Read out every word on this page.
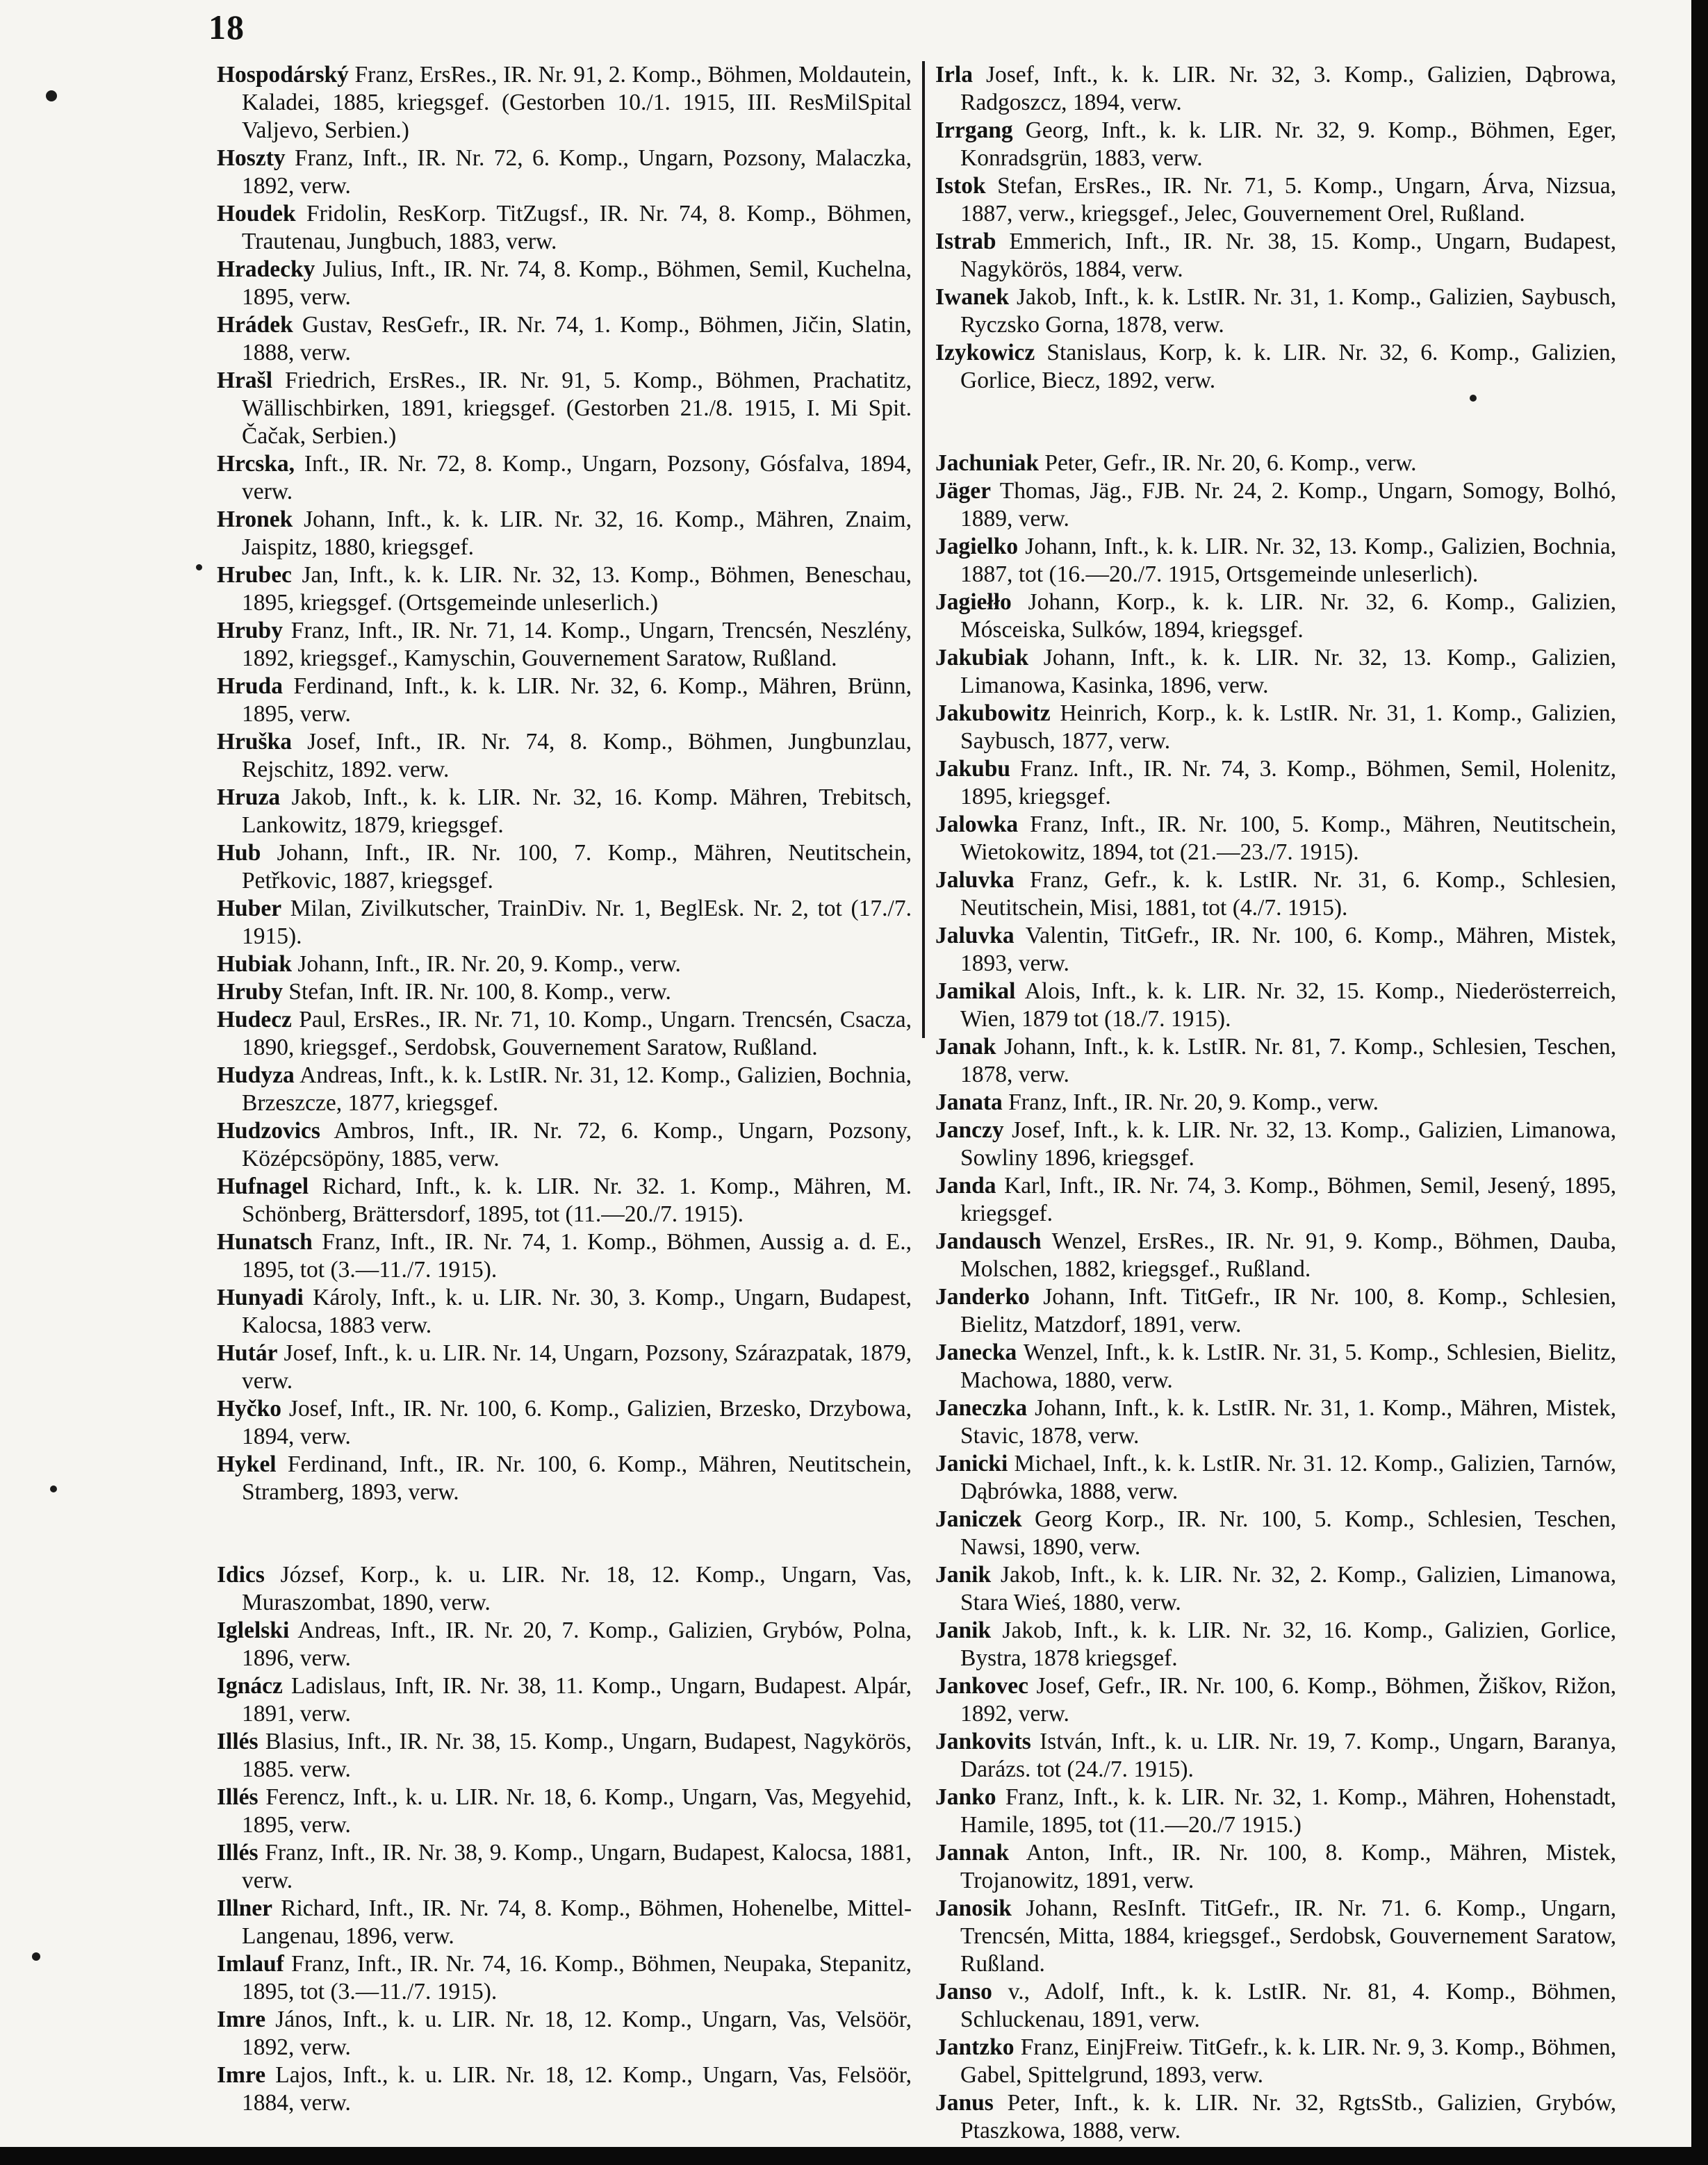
18
Hospodárský Franz, ErsRes., IR. Nr. 91, 2. Komp., Böhmen, Moldautein, Kaladei, 1885, kriegsgef. (Gestorben 10./1. 1915, III. ResMilSpital Valjevo, Serbien.)
Hoszty Franz, Inft., IR. Nr. 72, 6. Komp., Ungarn, Pozsony, Malaczka, 1892, verw.
Houdek Fridolin, ResKorp. TitZugsf., IR. Nr. 74, 8. Komp., Böhmen, Trautenau, Jungbuch, 1883, verw.
Hradecky Julius, Inft., IR. Nr. 74, 8. Komp., Böhmen, Semil, Kuchelna, 1895, verw.
Hrádek Gustav, ResGefr., IR. Nr. 74, 1. Komp., Böhmen, Jičin, Slatin, 1888, verw.
Hrašl Friedrich, ErsRes., IR. Nr. 91, 5. Komp., Böhmen, Prachatitz, Wällischbirken, 1891, kriegsgef. (Gestorben 21./8. 1915, I. Mi Spit. Čačak, Serbien.)
Hrcska, Inft., IR. Nr. 72, 8. Komp., Ungarn, Pozsony, Gósfalva, 1894, verw.
Hronek Johann, Inft., k. k. LIR. Nr. 32, 16. Komp., Mähren, Znaim, Jaispitz, 1880, kriegsgef.
Hrubec Jan, Inft., k. k. LIR. Nr. 32, 13. Komp., Böhmen, Beneschau, 1895, kriegsgef. (Ortsgemeinde unleserlich.)
Hruby Franz, Inft., IR. Nr. 71, 14. Komp., Ungarn, Trencsén, Neszlény, 1892, kriegsgef., Kamyschin, Gouvernement Saratow, Rußland.
Hruda Ferdinand, Inft., k. k. LIR. Nr. 32, 6. Komp., Mähren, Brünn, 1895, verw.
Hruška Josef, Inft., IR. Nr. 74, 8. Komp., Böhmen, Jungbunzlau, Rejschitz, 1892. verw.
Hruza Jakob, Inft., k. k. LIR. Nr. 32, 16. Komp. Mähren, Trebitsch, Lankowitz, 1879, kriegsgef.
Hub Johann, Inft., IR. Nr. 100, 7. Komp., Mähren, Neutitschein, Petřkovic, 1887, kriegsgef.
Huber Milan, Zivilkutscher, TrainDiv. Nr. 1, BeglEsk. Nr. 2, tot (17./7. 1915).
Hubiak Johann, Inft., IR. Nr. 20, 9. Komp., verw.
Hruby Stefan, Inft. IR. Nr. 100, 8. Komp., verw.
Hudecz Paul, ErsRes., IR. Nr. 71, 10. Komp., Ungarn. Trencsén, Csacza, 1890, kriegsgef., Serdobsk, Gouvernement Saratow, Rußland.
Hudyza Andreas, Inft., k. k. LstIR. Nr. 31, 12. Komp., Galizien, Bochnia, Brzeszcze, 1877, kriegsgef.
Hudzovics Ambros, Inft., IR. Nr. 72, 6. Komp., Ungarn, Pozsony, Középcsöpöny, 1885, verw.
Hufnagel Richard, Inft., k. k. LIR. Nr. 32. 1. Komp., Mähren, M. Schönberg, Brättersdorf, 1895, tot (11.—20./7. 1915).
Hunatsch Franz, Inft., IR. Nr. 74, 1. Komp., Böhmen, Aussig a. d. E., 1895, tot (3.—11./7. 1915).
Hunyadi Károly, Inft., k. u. LIR. Nr. 30, 3. Komp., Ungarn, Budapest, Kalocsa, 1883 verw.
Hutár Josef, Inft., k. u. LIR. Nr. 14, Ungarn, Pozsony, Szárazpatak, 1879, verw.
Hyčko Josef, Inft., IR. Nr. 100, 6. Komp., Galizien, Brzesko, Drzybowa, 1894, verw.
Hykel Ferdinand, Inft., IR. Nr. 100, 6. Komp., Mähren, Neutitschein, Stramberg, 1893, verw.
Idics József, Korp., k. u. LIR. Nr. 18, 12. Komp., Ungarn, Vas, Muraszombat, 1890, verw.
Iglelski Andreas, Inft., IR. Nr. 20, 7. Komp., Galizien, Grybów, Polna, 1896, verw.
Ignácz Ladislaus, Inft, IR. Nr. 38, 11. Komp., Ungarn, Budapest. Alpár, 1891, verw.
Illés Blasius, Inft., IR. Nr. 38, 15. Komp., Ungarn, Budapest, Nagykörös, 1885. verw.
Illés Ferencz, Inft., k. u. LIR. Nr. 18, 6. Komp., Ungarn, Vas, Megyehid, 1895, verw.
Illés Franz, Inft., IR. Nr. 38, 9. Komp., Ungarn, Budapest, Kalocsa, 1881, verw.
Illner Richard, Inft., IR. Nr. 74, 8. Komp., Böhmen, Hohenelbe, Mittel-Langenau, 1896, verw.
Imlauf Franz, Inft., IR. Nr. 74, 16. Komp., Böhmen, Neupaka, Stepanitz, 1895, tot (3.—11./7. 1915).
Imre János, Inft., k. u. LIR. Nr. 18, 12. Komp., Ungarn, Vas, Velsöör, 1892, verw.
Imre Lajos, Inft., k. u. LIR. Nr. 18, 12. Komp., Ungarn, Vas, Felsöör, 1884, verw.
Irla Josef, Inft., k. k. LIR. Nr. 32, 3. Komp., Galizien, Dąbrowa, Radgoszcz, 1894, verw.
Irrgang Georg, Inft., k. k. LIR. Nr. 32, 9. Komp., Böhmen, Eger, Konradsgrün, 1883, verw.
Istok Stefan, ErsRes., IR. Nr. 71, 5. Komp., Ungarn, Árva, Nizsua, 1887, verw., kriegsgef., Jelec, Gouvernement Orel, Rußland.
Istrab Emmerich, Inft., IR. Nr. 38, 15. Komp., Ungarn, Budapest, Nagykörös, 1884, verw.
Iwanek Jakob, Inft., k. k. LstIR. Nr. 31, 1. Komp., Galizien, Saybusch, Ryczsko Gorna, 1878, verw.
Izykowicz Stanislaus, Korp, k. k. LIR. Nr. 32, 6. Komp., Galizien, Gorlice, Biecz, 1892, verw.
Jachuniak Peter, Gefr., IR. Nr. 20, 6. Komp., verw.
Jäger Thomas, Jäg., FJB. Nr. 24, 2. Komp., Ungarn, Somogy, Bolhó, 1889, verw.
Jagielko Johann, Inft., k. k. LIR. Nr. 32, 13. Komp., Galizien, Bochnia, 1887, tot (16.—20./7. 1915, Ortsgemeinde unleserlich).
Jagiełło Johann, Korp., k. k. LIR. Nr. 32, 6. Komp., Galizien, Mósceiska, Sulków, 1894, kriegsgef.
Jakubiak Johann, Inft., k. k. LIR. Nr. 32, 13. Komp., Galizien, Limanowa, Kasinka, 1896, verw.
Jakubowitz Heinrich, Korp., k. k. LstIR. Nr. 31, 1. Komp., Galizien, Saybusch, 1877, verw.
Jakubu Franz. Inft., IR. Nr. 74, 3. Komp., Böhmen, Semil, Holenitz, 1895, kriegsgef.
Jalowka Franz, Inft., IR. Nr. 100, 5. Komp., Mähren, Neutitschein, Wietokowitz, 1894, tot (21.—23./7. 1915).
Jaluvka Franz, Gefr., k. k. LstIR. Nr. 31, 6. Komp., Schlesien, Neutitschein, Misi, 1881, tot (4./7. 1915).
Jaluvka Valentin, TitGefr., IR. Nr. 100, 6. Komp., Mähren, Mistek, 1893, verw.
Jamikal Alois, Inft., k. k. LIR. Nr. 32, 15. Komp., Niederösterreich, Wien, 1879 tot (18./7. 1915).
Janak Johann, Inft., k. k. LstIR. Nr. 81, 7. Komp., Schlesien, Teschen, 1878, verw.
Janata Franz, Inft., IR. Nr. 20, 9. Komp., verw.
Janczy Josef, Inft., k. k. LIR. Nr. 32, 13. Komp., Galizien, Limanowa, Sowliny 1896, kriegsgef.
Janda Karl, Inft., IR. Nr. 74, 3. Komp., Böhmen, Semil, Jesený, 1895, kriegsgef.
Jandausch Wenzel, ErsRes., IR. Nr. 91, 9. Komp., Böhmen, Dauba, Molschen, 1882, kriegsgef., Rußland.
Janderko Johann, Inft. TitGefr., IR Nr. 100, 8. Komp., Schlesien, Bielitz, Matzdorf, 1891, verw.
Janecka Wenzel, Inft., k. k. LstIR. Nr. 31, 5. Komp., Schlesien, Bielitz, Machowa, 1880, verw.
Janeczka Johann, Inft., k. k. LstIR. Nr. 31, 1. Komp., Mähren, Mistek, Stavic, 1878, verw.
Janicki Michael, Inft., k. k. LstIR. Nr. 31. 12. Komp., Galizien, Tarnów, Dąbrówka, 1888, verw.
Janiczek Georg Korp., IR. Nr. 100, 5. Komp., Schlesien, Teschen, Nawsi, 1890, verw.
Janik Jakob, Inft., k. k. LIR. Nr. 32, 2. Komp., Galizien, Limanowa, Stara Wieś, 1880, verw.
Janik Jakob, Inft., k. k. LIR. Nr. 32, 16. Komp., Galizien, Gorlice, Bystra, 1878 kriegsgef.
Jankovec Josef, Gefr., IR. Nr. 100, 6. Komp., Böhmen, Žiškov, Rižon, 1892, verw.
Jankovits István, Inft., k. u. LIR. Nr. 19, 7. Komp., Ungarn, Baranya, Darázs. tot (24./7. 1915).
Janko Franz, Inft., k. k. LIR. Nr. 32, 1. Komp., Mähren, Hohenstadt, Hamile, 1895, tot (11.—20./7 1915.)
Jannak Anton, Inft., IR. Nr. 100, 8. Komp., Mähren, Mistek, Trojanowitz, 1891, verw.
Janosik Johann, ResInft. TitGefr., IR. Nr. 71. 6. Komp., Ungarn, Trencsén, Mitta, 1884, kriegsgef., Serdobsk, Gouvernement Saratow, Rußland.
Janso v., Adolf, Inft., k. k. LstIR. Nr. 81, 4. Komp., Böhmen, Schluckenau, 1891, verw.
Jantzko Franz, EinjFreiw. TitGefr., k. k. LIR. Nr. 9, 3. Komp., Böhmen, Gabel, Spittelgrund, 1893, verw.
Janus Peter, Inft., k. k. LIR. Nr. 32, RgtsStb., Galizien, Grybów, Ptaszkowa, 1888, verw.
